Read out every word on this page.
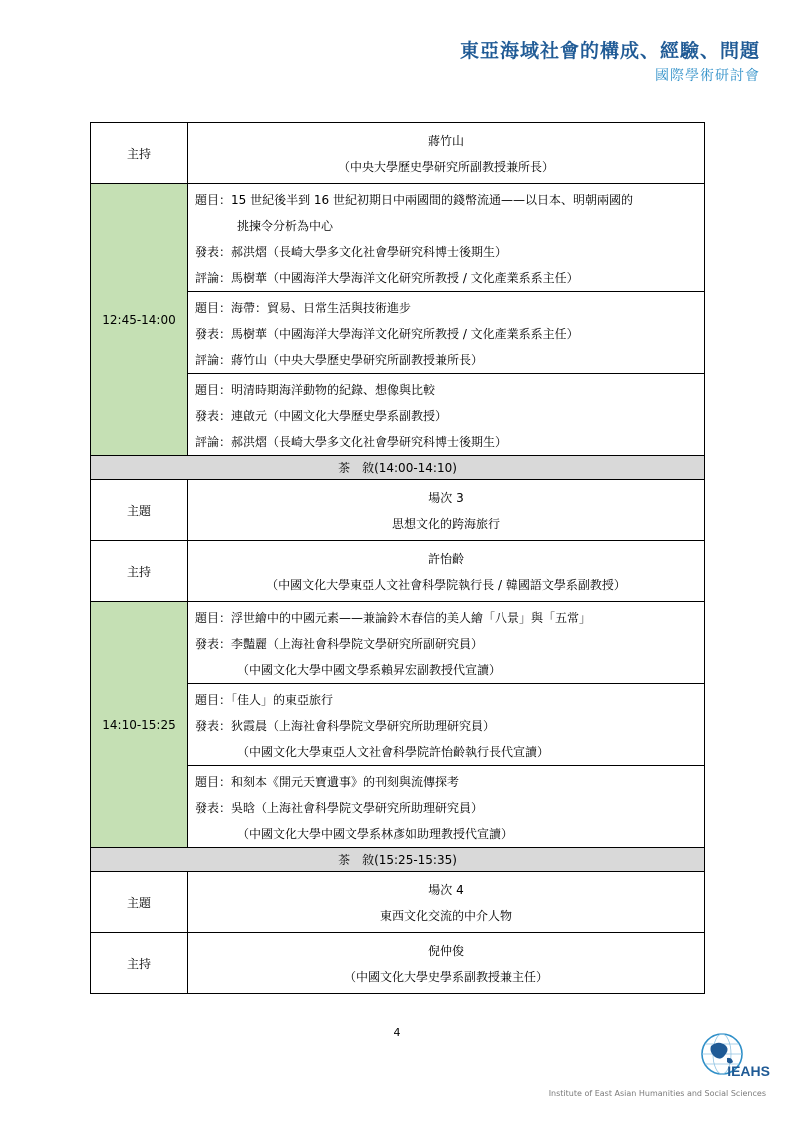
東亞海域社會的構成、經驗、問題
國際學術研討會
主持	蔣竹山
（中央大學歷史學研究所副教授兼所長）

12:45-14:00	題目：15 世紀後半到 16 世紀初期日中兩國間的錢幣流通——以日本、明朝兩國的
挑揀令分析為中心
發表：郝洪熠（長崎大學多文化社會學研究科博士後期生）
評論：馬樹華（中國海洋大學海洋文化研究所教授 / 文化產業系系主任）

	題目：海帶：貿易、日常生活與技術進步
發表：馬樹華（中國海洋大學海洋文化研究所教授 / 文化產業系系主任）
評論：蔣竹山（中央大學歷史學研究所副教授兼所長）

	題目：明清時期海洋動物的紀錄、想像與比較
發表：連啟元（中國文化大學歷史學系副教授）
評論：郝洪熠（長崎大學多文化社會學研究科博士後期生）

茶　敘(14:00-14:10)	
主題	場次 3
思想文化的跨海旅行

主持	許怡齡
（中國文化大學東亞人文社會科學院執行長 / 韓國語文學系副教授）

14:10-15:25	題目：浮世繪中的中國元素——兼論鈴木春信的美人繪「八景」與「五常」
發表：李豔麗（上海社會科學院文學研究所副研究員）
（中國文化大學中國文學系賴昇宏副教授代宣讀）

	題目：「佳人」的東亞旅行
發表：狄霞晨（上海社會科學院文學研究所助理研究員）
（中國文化大學東亞人文社會科學院許怡齡執行長代宣讀）

	題目：和刻本《開元天寶遺事》的刊刻與流傳探考
發表：吳晗（上海社會科學院文學研究所助理研究員）
（中國文化大學中國文學系林彥如助理教授代宣讀）

茶　敘(15:25-15:35)	
主題	場次 4
東西文化交流的中介人物

主持	倪仲俊
（中國文化大學史學系副教授兼主任）
4
IEAHS
Institute of East Asian Humanities and Social Sciences
